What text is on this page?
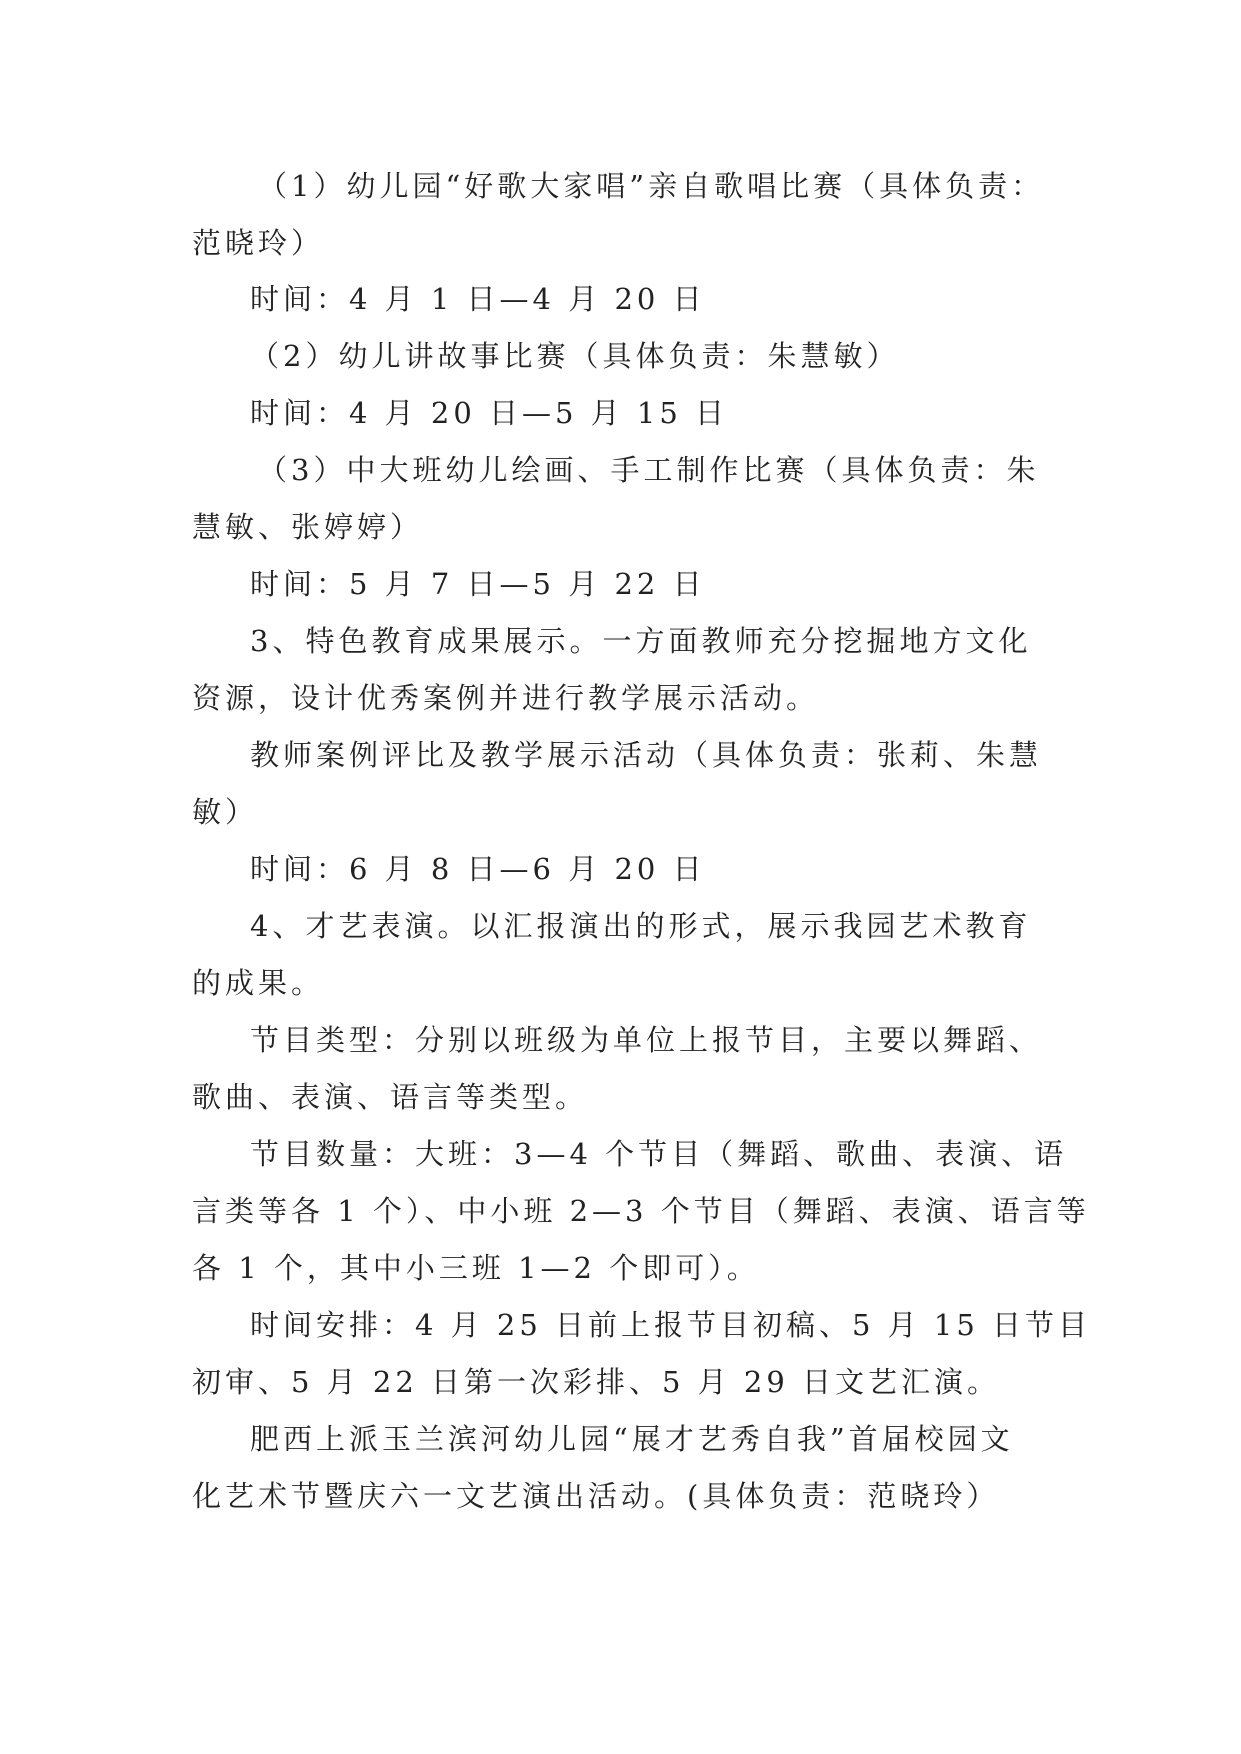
（1）幼儿园“好歌大家唱”亲自歌唱比赛（具体负责：
范晓玲）
时间：4 月 1 日—4 月 20 日
（2）幼儿讲故事比赛（具体负责：朱慧敏）
时间：4 月 20 日—5 月 15 日
（3）中大班幼儿绘画、手工制作比赛（具体负责：朱
慧敏、张婷婷）
时间：5 月 7 日—5 月 22 日
3、特色教育成果展示。一方面教师充分挖掘地方文化
资源，设计优秀案例并进行教学展示活动。
教师案例评比及教学展示活动（具体负责：张莉、朱慧
敏）
时间：6 月 8 日—6 月 20 日
4、才艺表演。以汇报演出的形式，展示我园艺术教育
的成果。
节目类型：分别以班级为单位上报节目，主要以舞蹈、
歌曲、表演、语言等类型。
节目数量：大班：3—4 个节目（舞蹈、歌曲、表演、语
言类等各 1 个）、中小班 2—3 个节目（舞蹈、表演、语言等
各 1 个，其中小三班 1—2 个即可）。
时间安排：4 月 25 日前上报节目初稿、5 月 15 日节目
初审、5 月 22 日第一次彩排、5 月 29 日文艺汇演。
肥西上派玉兰滨河幼儿园“展才艺秀自我”首届校园文
化艺术节暨庆六一文艺演出活动。(具体负责：范晓玲）
